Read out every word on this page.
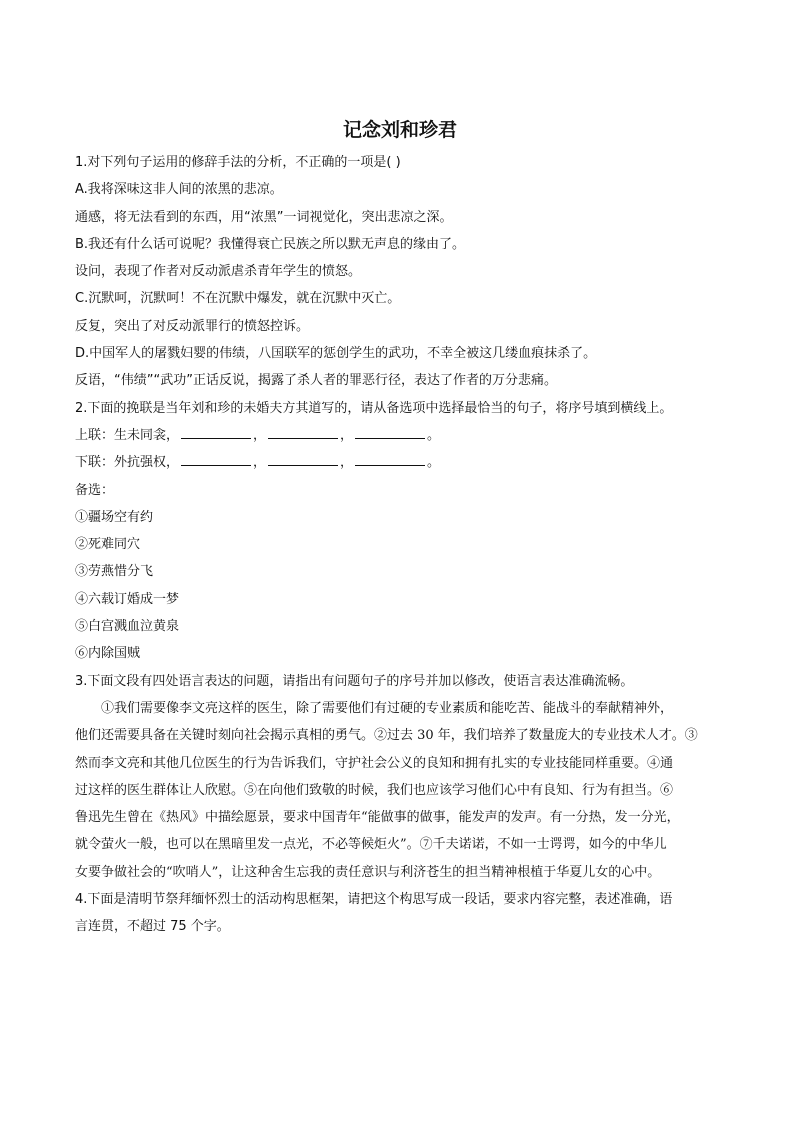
记念刘和珍君
1.对下列句子运用的修辞手法的分析，不正确的一项是( )
A.我将深味这非人间的浓黑的悲凉。
通感，将无法看到的东西，用“浓黑”一词视觉化，突出悲凉之深。
B.我还有什么话可说呢？我懂得衰亡民族之所以默无声息的缘由了。
设问，表现了作者对反动派虐杀青年学生的愤怒。
C.沉默呵，沉默呵！不在沉默中爆发，就在沉默中灭亡。
反复，突出了对反动派罪行的愤怒控诉。
D.中国军人的屠戮妇婴的伟绩，八国联军的惩创学生的武功，不幸全被这几缕血痕抹杀了。
反语，“伟绩”“武功”正话反说，揭露了杀人者的罪恶行径，表达了作者的万分悲痛。
2.下面的挽联是当年刘和珍的未婚夫方其道写的，请从备选项中选择最恰当的句子，将序号填到横线上。
上联：生未同衾，	，	，	。
下联：外抗强权，	，	，	。
备选：
①疆场空有约
②死难同穴
③劳燕惜分飞
④六载订婚成一梦
⑤白宫溅血泣黄泉
⑥内除国贼
3.下面文段有四处语言表达的问题，请指出有问题句子的序号并加以修改，使语言表达准确流畅。
①我们需要像李文亮这样的医生，除了需要他们有过硬的专业素质和能吃苦、能战斗的奉献精神外，
他们还需要具备在关键时刻向社会揭示真相的勇气。②过去 30 年，我们培养了数量庞大的专业技术人才。③
然而李文亮和其他几位医生的行为告诉我们，守护社会公义的良知和拥有扎实的专业技能同样重要。④通
过这样的医生群体让人欣慰。⑤在向他们致敬的时候，我们也应该学习他们心中有良知、行为有担当。⑥
鲁迅先生曾在《热风》中描绘愿景，要求中国青年“能做事的做事，能发声的发声。有一分热，发一分光，
就令萤火一般，也可以在黑暗里发一点光，不必等候炬火”。⑦千夫诺诺，不如一士谔谔，如今的中华儿
女要争做社会的“吹哨人”，让这种舍生忘我的责任意识与利济苍生的担当精神根植于华夏儿女的心中。
4.下面是清明节祭拜缅怀烈士的活动构思框架，请把这个构思写成一段话，要求内容完整，表述准确，语
言连贯，不超过 75 个字。
